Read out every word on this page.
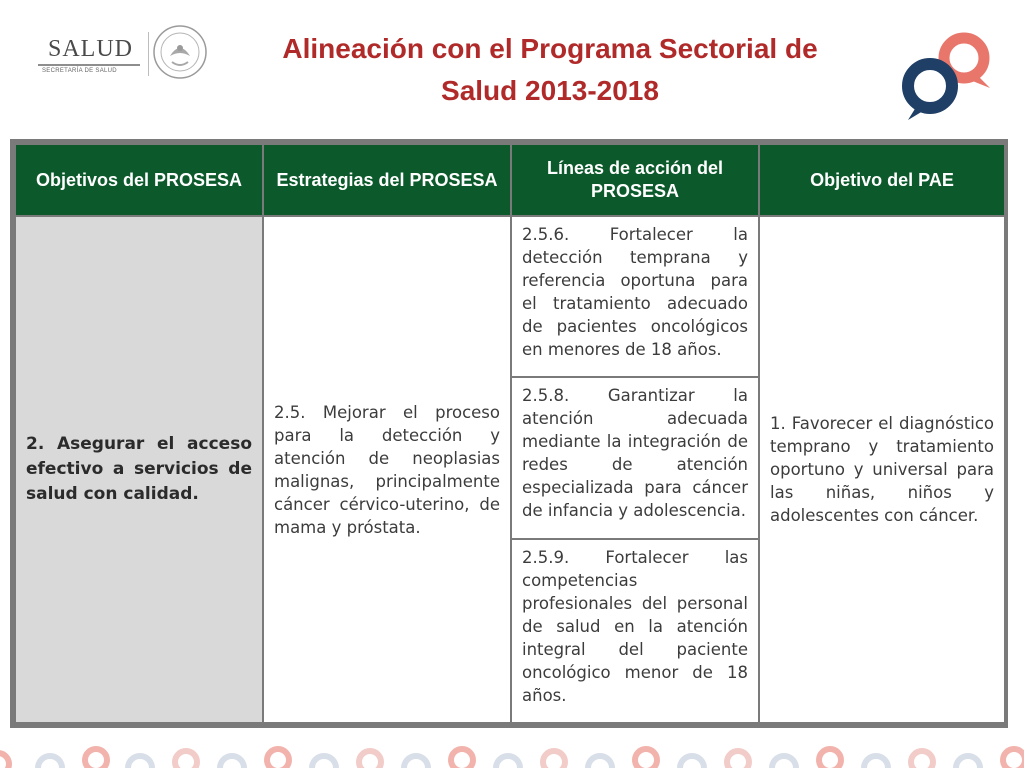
SALUD
SECRETARÍA DE SALUD
Alineación con el Programa Sectorial de
Salud 2013-2018
Objetivos del PROSESA	Estrategias del PROSESA	Líneas de acción del PROSESA	Objetivo del PAE
2. Asegurar el acceso efectivo a servicios de salud con calidad.	2.5. Mejorar el proceso para la detección y atención de neoplasias malignas, principalmente cáncer cérvico-uterino, de mama y próstata.	2.5.6. Fortalecer la detección temprana y referencia oportuna para el tratamiento adecuado de pacientes oncológicos en menores de 18 años.	1. Favorecer el diagnóstico temprano y tratamiento oportuno y universal para las niñas, niños y adolescentes con cáncer.
		2.5.8. Garantizar la atención adecuada mediante la integración de redes de atención especializada para cáncer de infancia y adolescencia.	
		2.5.9. Fortalecer las competencias profesionales del personal de salud en la atención integral del paciente oncológico menor de 18 años.	
